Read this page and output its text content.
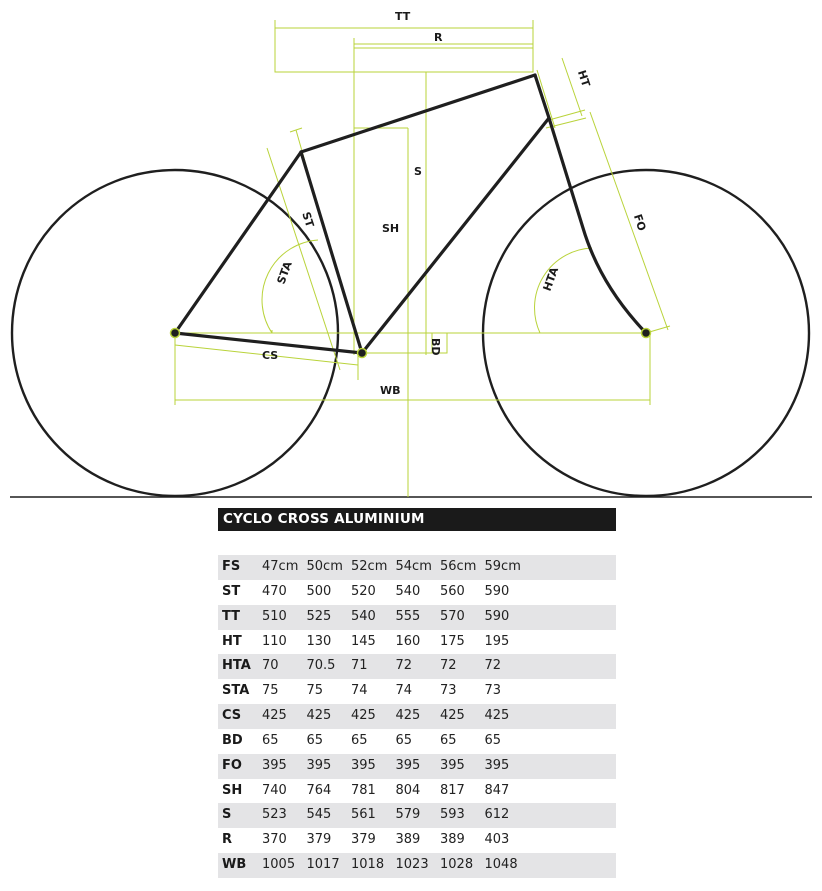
TT
R
S
SH
ST
HT
FO
STA	HTA
BD
CS
WB
CYCLO CROSS ALUMINIUM
FS	47cm	50cm	52cm	54cm	56cm	59cm	
ST	470	500	520	540	560	590	
TT	510	525	540	555	570	590	
HT	110	130	145	160	175	195	
HTA	70	70.5	71	72	72	72	
STA	75	75	74	74	73	73	
CS	425	425	425	425	425	425	
BD	65	65	65	65	65	65	
FO	395	395	395	395	395	395	
SH	740	764	781	804	817	847	
S	523	545	561	579	593	612	
R	370	379	379	389	389	403	
WB	1005	1017	1018	1023	1028	1048	
